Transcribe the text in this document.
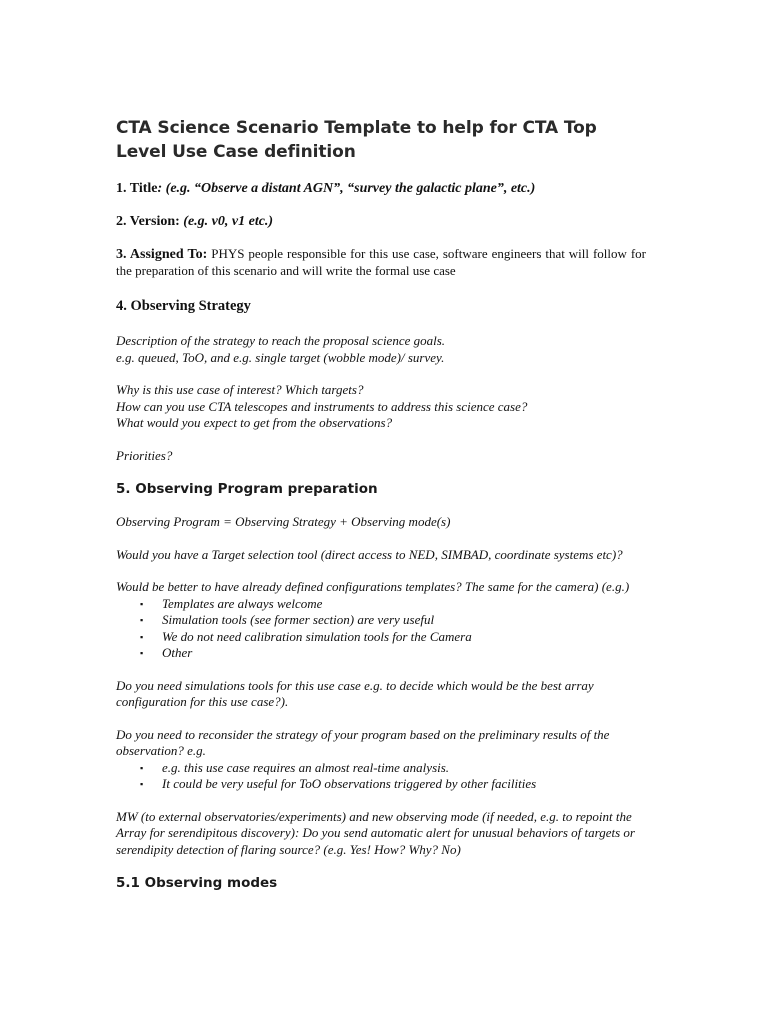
CTA Science Scenario Template to help for CTA Top Level Use Case definition
1. Title: (e.g. “Observe a distant AGN”, “survey the galactic plane”, etc.)
2. Version: (e.g. v0, v1 etc.)
3. Assigned To: PHYS people responsible for this use case, software engineers that will follow for the preparation of this scenario and will write the formal use case
4. Observing Strategy
Description of the strategy to reach the proposal science goals.
e.g. queued, ToO, and e.g. single target (wobble mode)/ survey.
Why is this use case of interest? Which targets?
How can you use CTA telescopes and instruments to address this science case?
What would you expect to get from the observations?
Priorities?
5. Observing Program preparation
Observing Program = Observing Strategy + Observing mode(s)
Would you have a Target selection tool (direct access to NED, SIMBAD, coordinate systems etc)?
Would be better to have already defined configurations templates? The same for the camera) (e.g.)
▪ Templates are always welcome
▪ Simulation tools (see former section) are very useful
▪ We do not need calibration simulation tools for the Camera
▪ Other
Do you need simulations tools for this use case e.g. to decide which would be the best array configuration for this use case?).
Do you need to reconsider the strategy of your program based on the preliminary results of the observation? e.g.
▪ e.g. this use case requires an almost real-time analysis.
▪ It could be very useful for ToO observations triggered by other facilities
MW (to external observatories/experiments) and new observing mode (if needed, e.g. to repoint the Array for serendipitous discovery): Do you send automatic alert for unusual behaviors of targets or serendipity detection of flaring source? (e.g. Yes! How? Why? No)
5.1 Observing modes
